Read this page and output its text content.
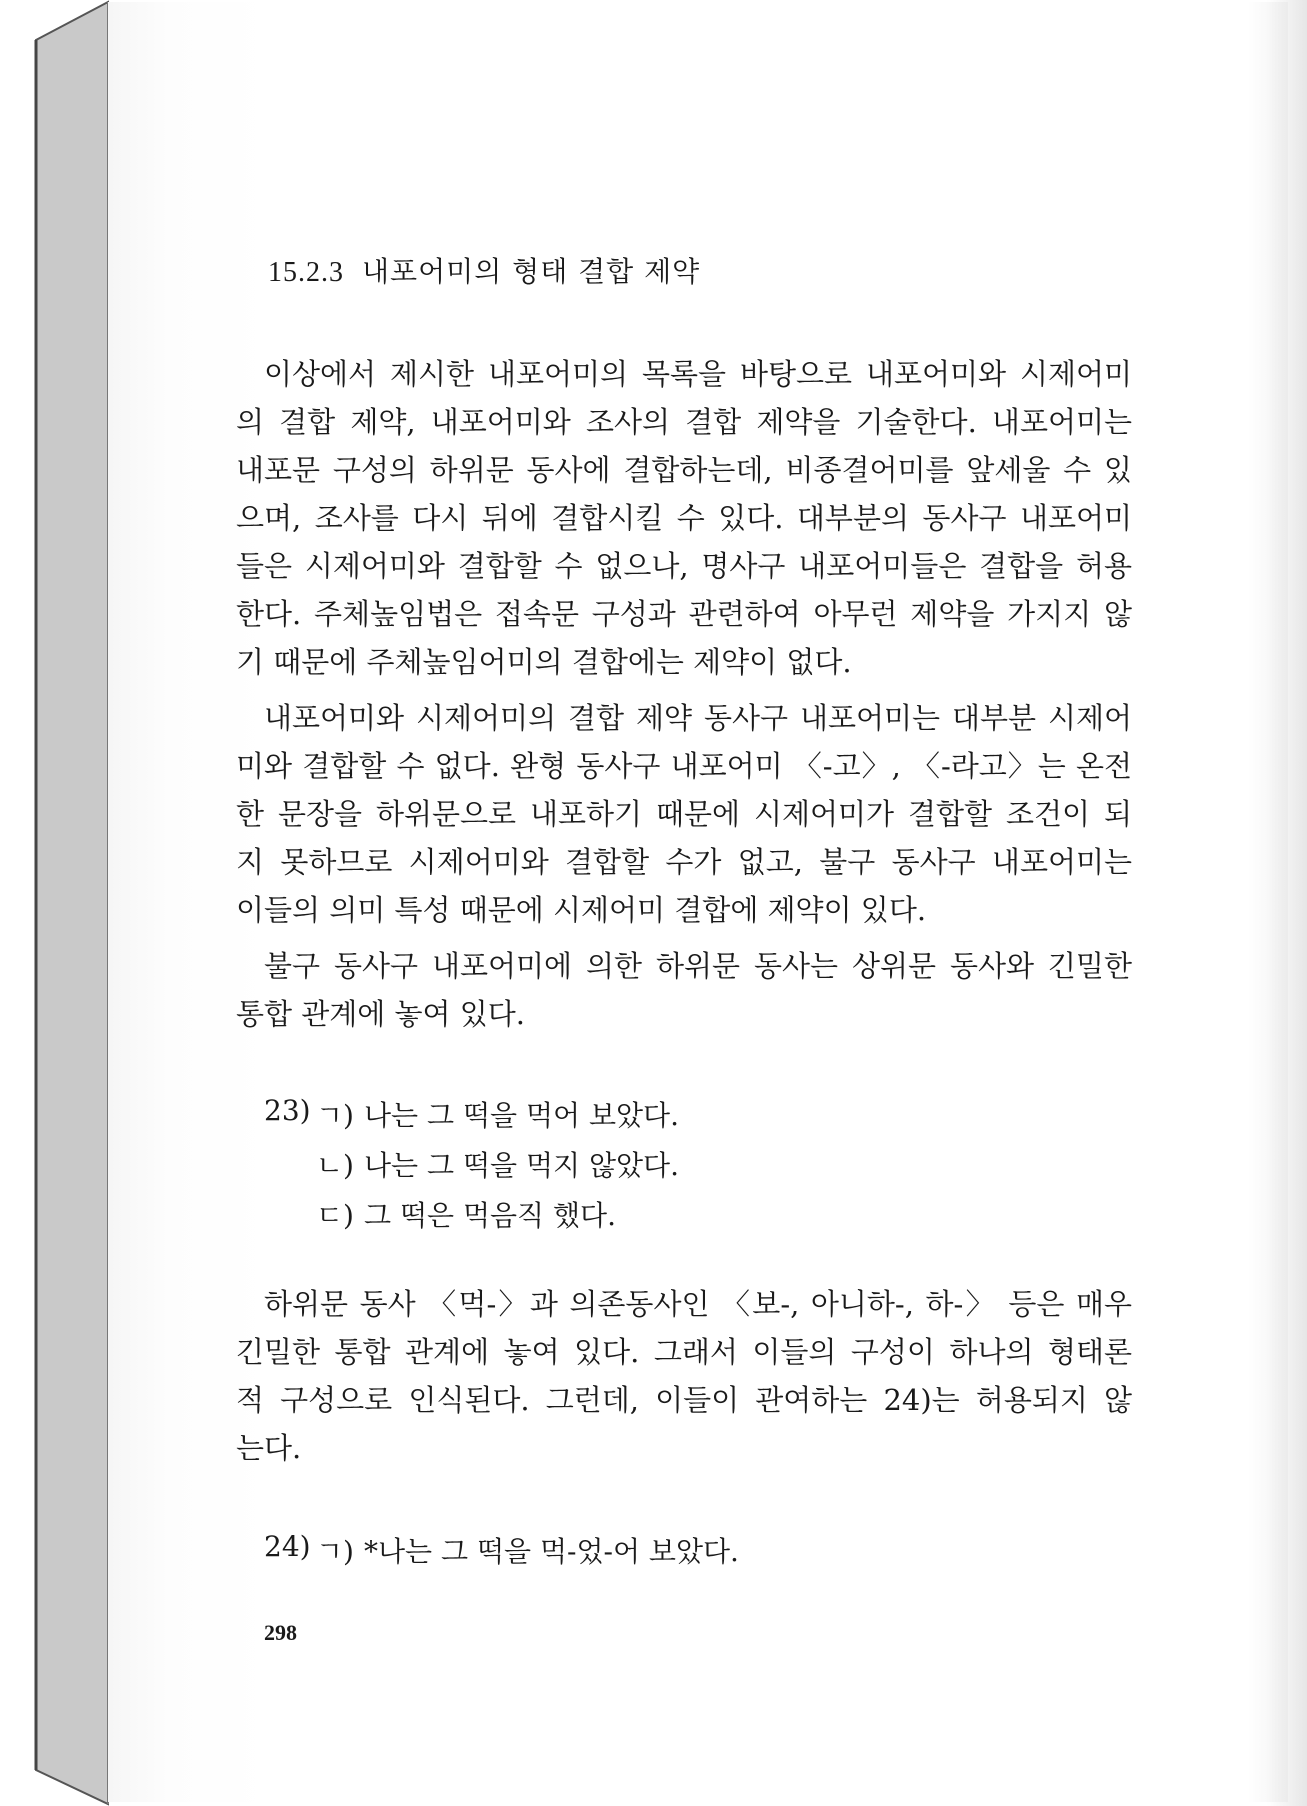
15.2.3 내포어미의 형태 결합 제약
이상에서 제시한 내포어미의 목록을 바탕으로 내포어미와 시제어미
의 결합 제약, 내포어미와 조사의 결합 제약을 기술한다. 내포어미는
내포문 구성의 하위문 동사에 결합하는데, 비종결어미를 앞세울 수 있
으며, 조사를 다시 뒤에 결합시킬 수 있다. 대부분의 동사구 내포어미
들은 시제어미와 결합할 수 없으나, 명사구 내포어미들은 결합을 허용
한다. 주체높임법은 접속문 구성과 관련하여 아무런 제약을 가지지 않
기 때문에 주체높임어미의 결합에는 제약이 없다.
내포어미와 시제어미의 결합 제약 동사구 내포어미는 대부분 시제어
미와 결합할 수 없다. 완형 동사구 내포어미 〈-고〉, 〈-라고〉는 온전
한 문장을 하위문으로 내포하기 때문에 시제어미가 결합할 조건이 되
지 못하므로 시제어미와 결합할 수가 없고, 불구 동사구 내포어미는
이들의 의미 특성 때문에 시제어미 결합에 제약이 있다.
불구 동사구 내포어미에 의한 하위문 동사는 상위문 동사와 긴밀한
통합 관계에 놓여 있다.
23) ㄱ) 나는 그 떡을 먹어 보았다.
ㄴ) 나는 그 떡을 먹지 않았다.
ㄷ) 그 떡은 먹음직 했다.
하위문 동사 〈먹-〉과 의존동사인 〈보-, 아니하-, 하-〉 등은 매우
긴밀한 통합 관계에 놓여 있다. 그래서 이들의 구성이 하나의 형태론
적 구성으로 인식된다. 그런데, 이들이 관여하는 24)는 허용되지 않
는다.
24) ㄱ) *나는 그 떡을 먹-었-어 보았다.
298
